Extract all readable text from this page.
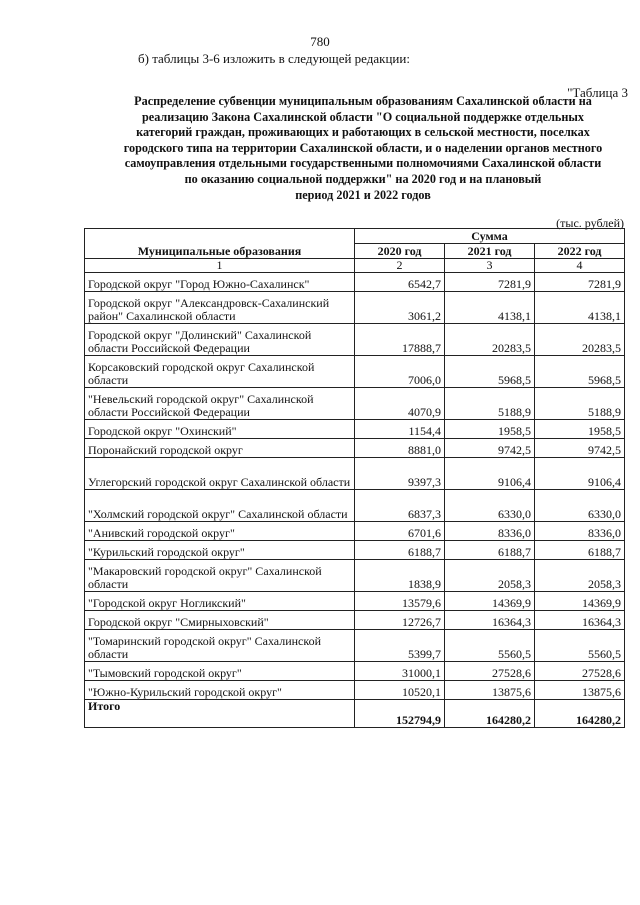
780
б) таблицы 3-6 изложить в следующей редакции:
"Таблица 3
Распределение субвенции муниципальным образованиям Сахалинской области на
реализацию Закона Сахалинской области "О социальной поддержке отдельных
категорий граждан, проживающих и работающих в сельской местности, поселках
городского типа на территории Сахалинской области, и о наделении органов местного
самоуправления отдельными государственными полномочиями Сахалинской области
по оказанию социальной поддержки" на 2020 год и на плановый
период 2021 и 2022 годов
(тыс. рублей)
Муниципальные образования	Сумма		
	2020 год	2021 год	2022 год
1	2	3	4
Городской округ "Город Южно-Сахалинск"	6542,7	7281,9	7281,9
Городской округ "Александровск-Сахалинский район" Сахалинской области	3061,2	4138,1	4138,1
Городской округ "Долинский" Сахалинской области Российской Федерации	17888,7	20283,5	20283,5
Корсаковский городской округ Сахалинской области	7006,0	5968,5	5968,5
"Невельский городской округ" Сахалинской области Российской Федерации	4070,9	5188,9	5188,9
Городской округ "Охинский"	1154,4	1958,5	1958,5
Поронайский городской округ	8881,0	9742,5	9742,5
Углегорский городской округ Сахалинской области	9397,3	9106,4	9106,4
"Холмский городской округ" Сахалинской области	6837,3	6330,0	6330,0
"Анивский городской округ"	6701,6	8336,0	8336,0
"Курильский городской округ"	6188,7	6188,7	6188,7
"Макаровский городской округ" Сахалинской области	1838,9	2058,3	2058,3
"Городской округ Ногликский"	13579,6	14369,9	14369,9
Городской округ "Смирныховский"	12726,7	16364,3	16364,3
"Томаринский городской округ" Сахалинской области	5399,7	5560,5	5560,5
"Тымовский городской округ"	31000,1	27528,6	27528,6
"Южно-Курильский городской округ"	10520,1	13875,6	13875,6
Итого	152794,9	164280,2	164280,2
